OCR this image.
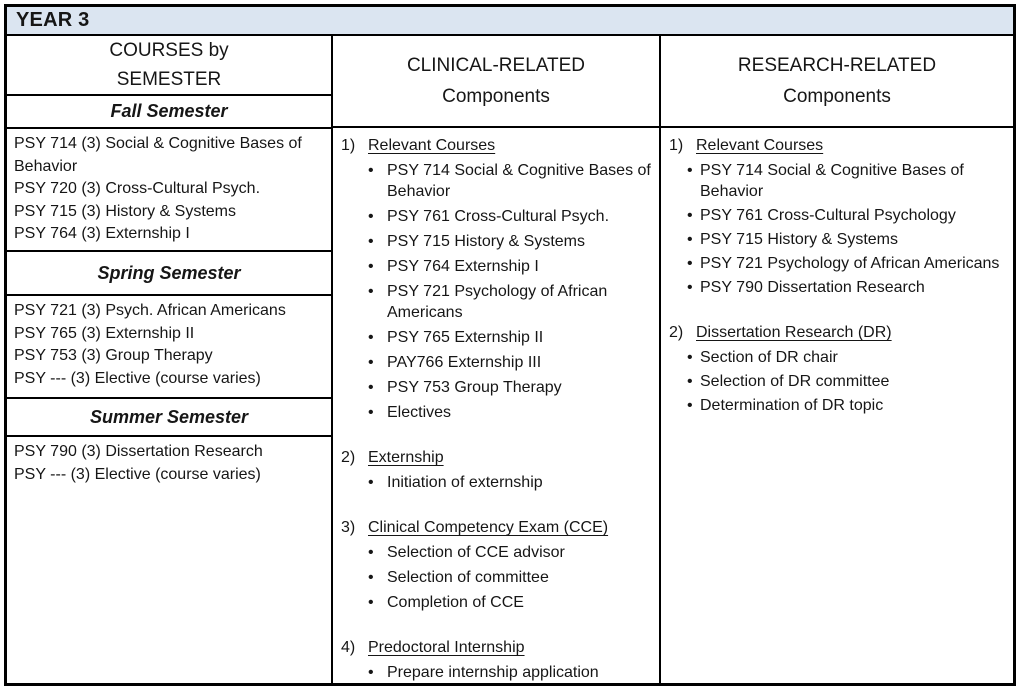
YEAR 3
COURSES by
SEMESTER
Fall Semester
PSY 714 (3) Social & Cognitive Bases of Behavior
PSY 720 (3) Cross-Cultural Psych.
PSY 715 (3) History & Systems
PSY 764 (3) Externship I
Spring Semester
PSY 721 (3) Psych. African Americans
PSY 765 (3) Externship II
PSY 753 (3) Group Therapy
PSY --- (3) Elective (course varies)
Summer Semester
PSY 790 (3) Dissertation Research
PSY --- (3) Elective (course varies)
CLINICAL-RELATED
Components
1) Relevant Courses
• PSY 714 Social & Cognitive Bases of Behavior
• PSY 761 Cross-Cultural Psych.
• PSY 715 History & Systems
• PSY 764 Externship I
• PSY 721 Psychology of African Americans
• PSY 765 Externship II
• PAY766 Externship III
• PSY 753 Group Therapy
• Electives
2) Externship
• Initiation of externship
3) Clinical Competency Exam (CCE)
• Selection of CCE advisor
• Selection of committee
• Completion of CCE
4) Predoctoral Internship
• Prepare internship application
RESEARCH-RELATED
Components
1) Relevant Courses
• PSY 714 Social & Cognitive Bases of Behavior
• PSY 761 Cross-Cultural Psychology
• PSY 715 History & Systems
• PSY 721 Psychology of African Americans
• PSY 790 Dissertation Research
2) Dissertation Research (DR)
• Section of DR chair
• Selection of DR committee
• Determination of DR topic
